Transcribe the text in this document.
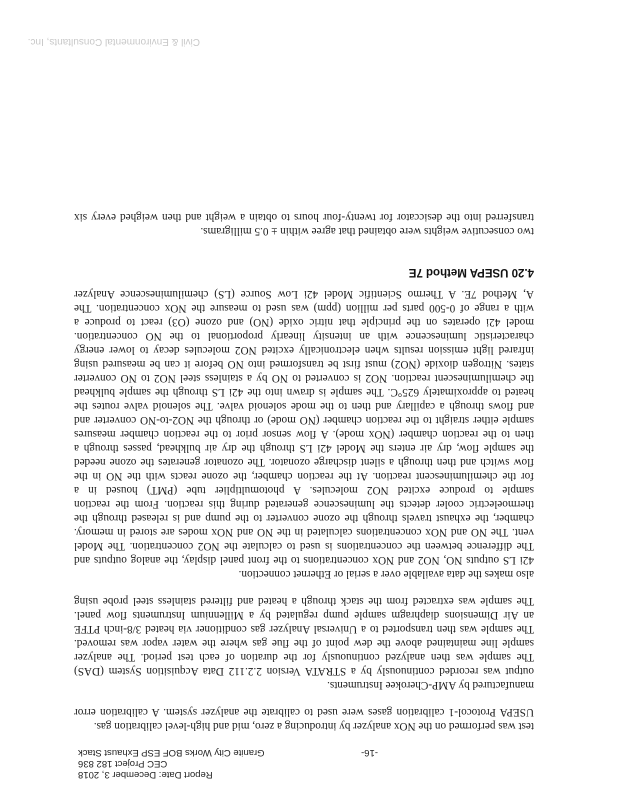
Report Date: December 3, 2018
CEC Project 182 836
Granite City Works BOF ESP Exhaust Stack	-16-
test was performed on the NOx analyzer by introducing a zero, mid and high-level calibration gas.
USEPA Protocol-1 calibration gases were used to calibrate the analyzer system. A calibration error
manufactured by AMP-Cherokee Instruments.
output was recorded continuously by a STRATA Version 2.2.112 Data Acquisition System (DAS)
The sample was then analyzed continuously for the duration of each test period. The analyzer
sample line maintained above the dew point of the flue gas where the water vapor was removed.
The sample was then transported to a Universal Analyzer gas conditioner via heated 3/8-inch PTFE
an Air Dimensions diaphragm sample pump regulated by a Millennium Instruments flow panel.
The sample was extracted from the stack through a heated and filtered stainless steel probe using
also makes the data available over a serial or Ethernet connection.
42i LS outputs NO, NO2 and NOx concentrations to the front panel display, the analog outputs and
The difference between the concentrations is used to calculate the NO2 concentration. The Model
vent. The NO and NOx concentrations calculated in the NO and NOx modes are stored in memory.
chamber, the exhaust travels through the ozone converter to the pump and is released through the
thermoelectric cooler detects the luminescence generated during this reaction. From the reaction
sample to produce excited NO2 molecules. A photomultiplier tube (PMT) housed in a
for the chemiluminescent reaction. At the reaction chamber, the ozone reacts with the NO in the
flow switch and then through a silent discharge ozonator. The ozonator generates the ozone needed
the sample flow, dry air enters the Model 42i LS through the dry air bulkhead, passes through a
then to the reaction chamber (NOx mode). A flow sensor prior to the reaction chamber measures
sample either straight to the reaction chamber (NO mode) or through the NO2-to-NO converter and
and flows through a capillary and then to the mode solenoid valve. The solenoid valve routes the
heated to approximately 625°C. The sample is drawn into the 42i LS through the sample bulkhead
the chemiluminescent reaction. NO2 is converted to NO by a stainless steel NO2 to NO converter
states. Nitrogen dioxide (NO2) must first be transformed into NO before it can be measured using
infrared light emission results when electronically excited NO2 molecules decay to lower energy
characteristic luminescence with an intensity linearly proportional to the NO concentration.
model 42i operates on the principle that nitric oxide (NO) and ozone (O3) react to produce a
with a range of 0-500 parts per million (ppm) was used to measure the NOx concentration. The
A, Method 7E. A Thermo Scientific Model 42i Low Source (LS) chemiluminescence Analyzer
4.20 USEPA Method 7E
two consecutive weights were obtained that agree within ± 0.5 milligrams.
transferred into the desiccator for twenty-four hours to obtain a weight and then weighed every six
Civil & Environmental Consultants, Inc.
